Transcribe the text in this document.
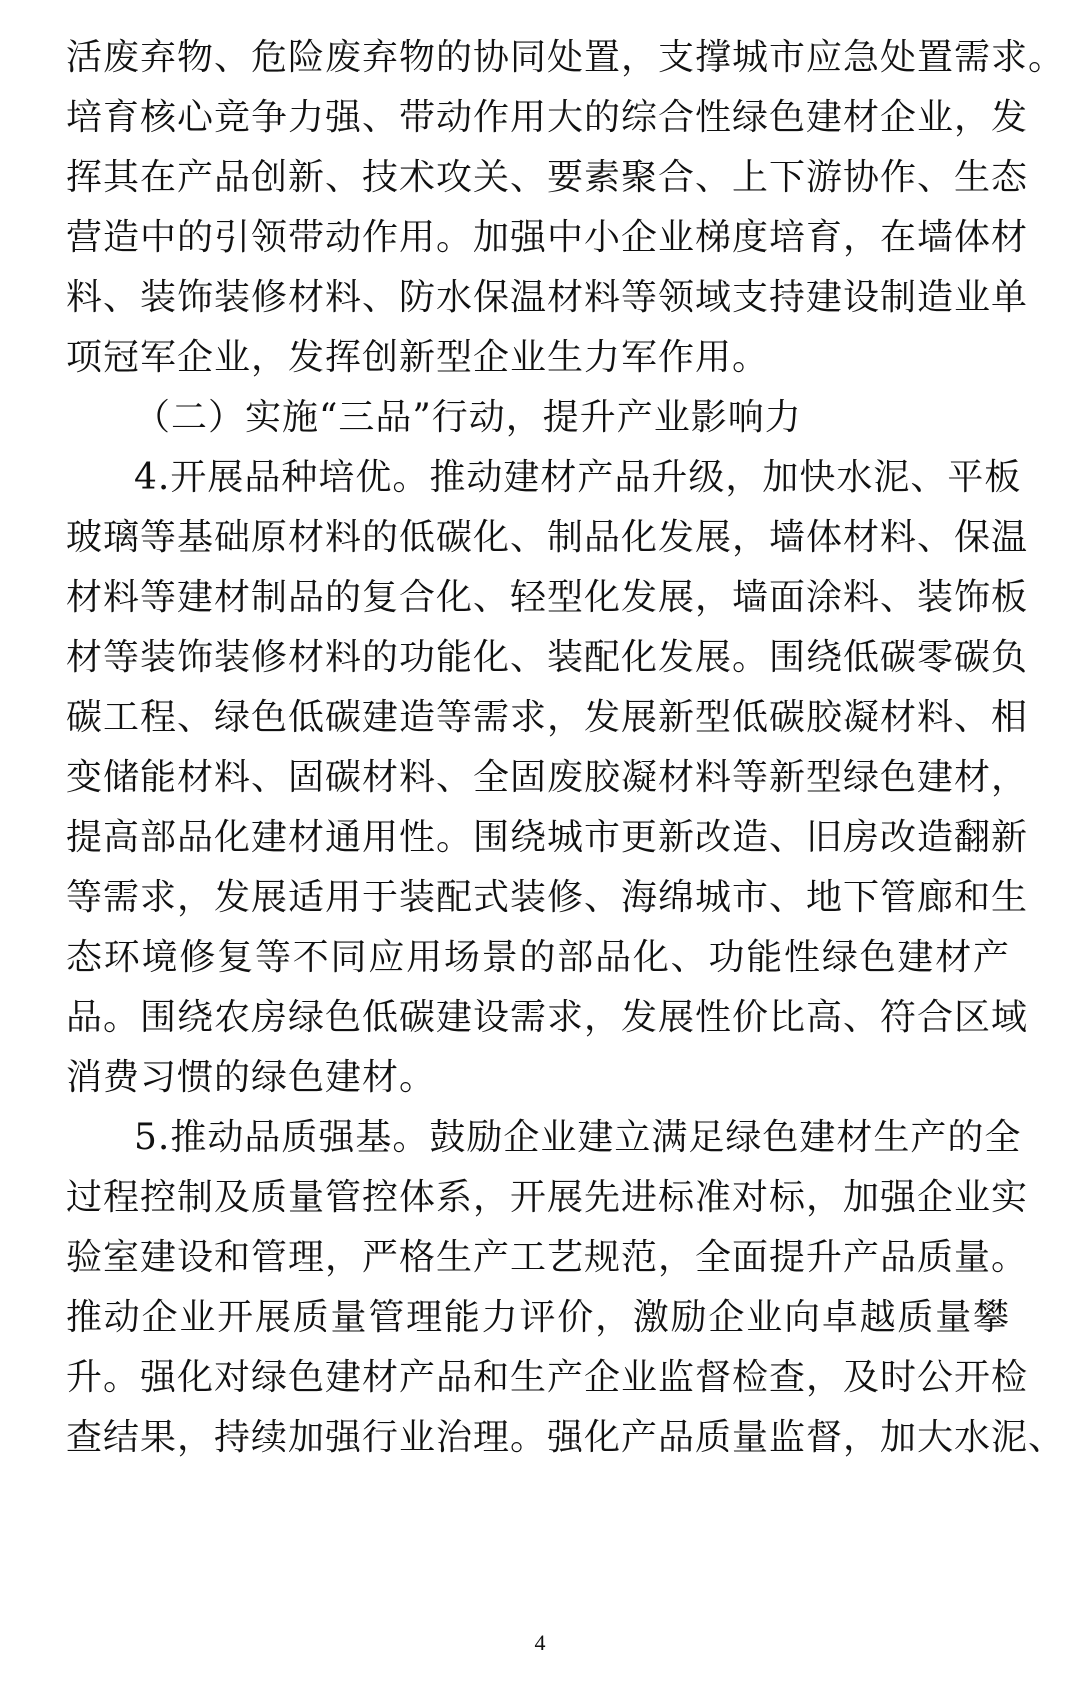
活废弃物、危险废弃物的协同处置，支撑城市应急处置需求。
培育核心竞争力强、带动作用大的综合性绿色建材企业，发
挥其在产品创新、技术攻关、要素聚合、上下游协作、生态
营造中的引领带动作用。加强中小企业梯度培育，在墙体材
料、装饰装修材料、防水保温材料等领域支持建设制造业单
项冠军企业，发挥创新型企业生力军作用。
（二）实施“三品”行动，提升产业影响力
4.开展品种培优。推动建材产品升级，加快水泥、平板
玻璃等基础原材料的低碳化、制品化发展，墙体材料、保温
材料等建材制品的复合化、轻型化发展，墙面涂料、装饰板
材等装饰装修材料的功能化、装配化发展。围绕低碳零碳负
碳工程、绿色低碳建造等需求，发展新型低碳胶凝材料、相
变储能材料、固碳材料、全固废胶凝材料等新型绿色建材，
提高部品化建材通用性。围绕城市更新改造、旧房改造翻新
等需求，发展适用于装配式装修、海绵城市、地下管廊和生
态环境修复等不同应用场景的部品化、功能性绿色建材产
品。围绕农房绿色低碳建设需求，发展性价比高、符合区域
消费习惯的绿色建材。
5.推动品质强基。鼓励企业建立满足绿色建材生产的全
过程控制及质量管控体系，开展先进标准对标，加强企业实
验室建设和管理，严格生产工艺规范，全面提升产品质量。
推动企业开展质量管理能力评价，激励企业向卓越质量攀
升。强化对绿色建材产品和生产企业监督检查，及时公开检
查结果，持续加强行业治理。强化产品质量监督，加大水泥、
4
